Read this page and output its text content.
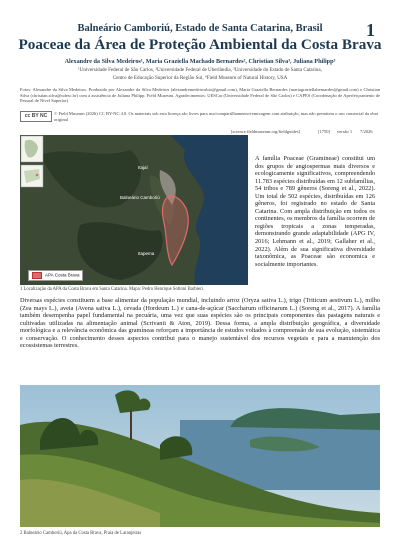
Balneário Camboriú, Estado de Santa Catarina, Brasil	1
Poaceae da Área de Proteção Ambiental da Costa Brava
Alexandre da Silva Medeiros¹, Maria Graziella Machado Bernardes², Christian Silva³, Juliana Philipp³
¹Universidade Federal de São Carlos, ²Universidade Federal de Uberlândia, ³Universidade do Estado de Santa Catarina,
Centro de Educação Superior da Região Sul, ⁴Field Museum of Natural History, USA
Fotos: Alexandre da Silva Medeiros. Produzido por Alexandre da Silva Medeiros (alexandremedeirosbio@gmail.com), Maria Graziella Bernardes (mariagraziellabernardes@gmail.com) e Christian Silva (christian.silva@udesc.br) com a assistência de Juliana Philipp. Field Museum. Agradecimentos: UESCar (Universidade Federal de São Carlos) e CAPES (Coordenação de Aperfeiçoamento de Pessoal de Nível Superior)
cc BY NC	© Field Museum (2026) CC BY-NC 4.0. Os materiais sob esta licença são livres para uso/compartilhamento/remixagem com atribuição, mas não permitem o uso comercial da obra original
[science.fieldmuseum.org/fieldguides]	[1750] versão 1 7/2026
Itajaí
Balneário Camboriú
Itapema
APA Costa Brava
1 Localização da APA da Costa Brava em Santa Catarina. Mapa: Pedro Henrique Sottoni Barbieri.
A família Poaceae (Gramineae) constitui um dos grupos de angiospermas mais diversos e ecologicamente significativos, compreendendo 11.783 espécies distribuídas em 12 subfamílias, 54 tribos e 789 gêneros (Soreng et al., 2022). Um total de 502 espécies, distribuídas em 126 gêneros, foi registrado no estado de Santa Catarina. Com ampla distribuição em todos os continentes, os membros da família ocorrem de regiões tropicais a zonas temperadas, demonstrando grande adaptabilidade (APG IV, 2016; Lehmann et al., 2019; Gallaher et al., 2022). Além de sua significativa diversidade taxonômica, as Poaceae são economica e socialmente importantes.
Diversas espécies constituem a base alimentar da população mundial, incluindo arroz (Oryza sativa L.), trigo (Triticum aestivum L.), milho (Zea mays L.), aveia (Avena sativa L.), cevada (Hordeum L.) e cana-de-açúcar (Saccharum officinarum L.) (Soreng et al., 2017). A família também desempenha papel fundamental na pecuária, uma vez que suas espécies são os principais componentes das pastagens naturais e cultivadas utilizadas na alimentação animal (Scrivanti & Aton, 2019). Dessa forma, a ampla distribuição geográfica, a diversidade morfológica e a relevância econômica das gramíneas reforçam a importância de estudos voltados à compreensão de sua evolução, sistemática e conservação. O conhecimento desses aspectos contribui para o manejo sustentável dos recursos vegetais e para a manutenção dos ecossistemas terrestres.
2 Balneário Camboriú, Apa da Costa Brava, Praia de Laranjeiras
